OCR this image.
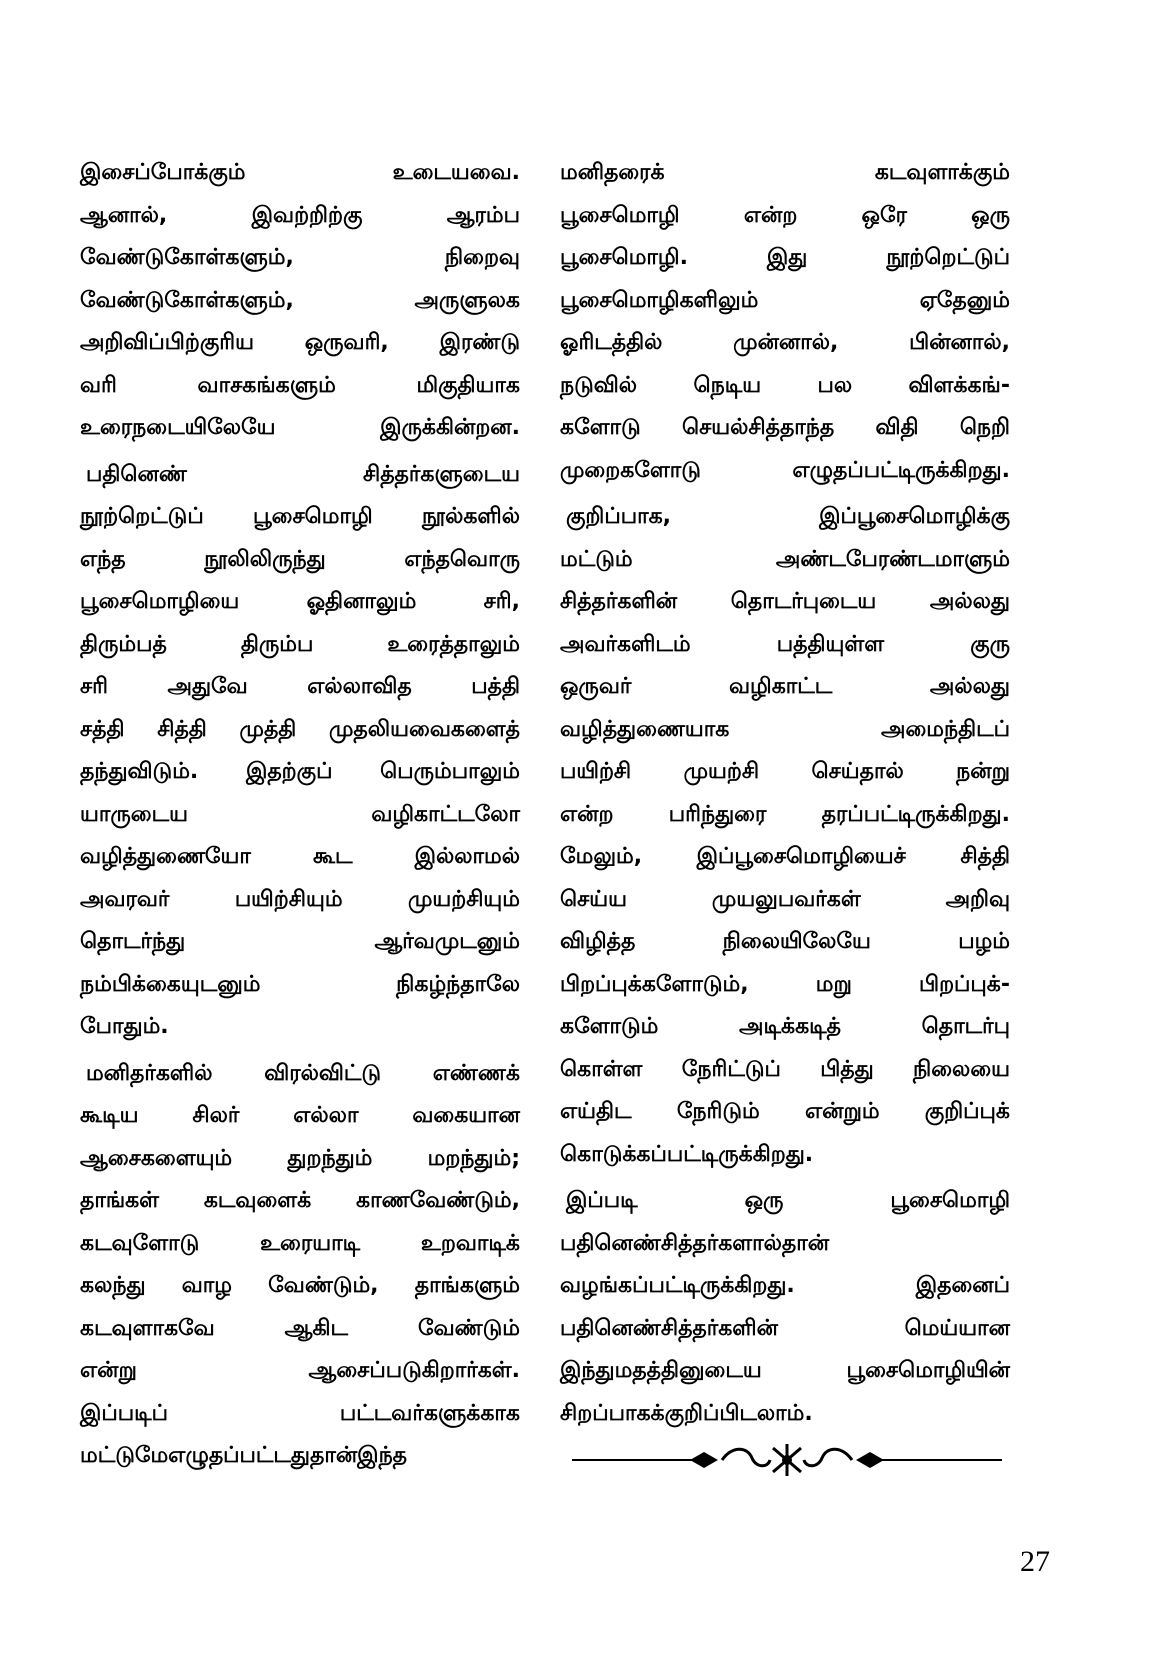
இசைப்போக்கும்	உடையவை.
ஆனால்,	இவற்றிற்கு	ஆரம்ப
வேண்டுகோள்களும்,	நிறைவு
வேண்டுகோள்களும்,	அருளுலக
அறிவிப்பிற்குரிய ஒருவரி, இரண்டு
வரி	வாசகங்களும்	மிகுதியாக
உரைநடையிலேயே	இருக்கின்றன.
பதினெண்	சித்தர்களுடைய
நூற்றெட்டுப் பூசைமொழி நூல்களில்
எந்த	நூலிலிருந்து	எந்தவொரு
பூசைமொழியை	ஓதினாலும்	சரி,
திரும்பத்	திரும்ப	உரைத்தாலும்
சரி	அதுவே	எல்லாவித	பத்தி
சத்தி சித்தி முத்தி முதலியவைகளைத்
தந்துவிடும். இதற்குப் பெரும்பாலும்
யாருடைய	வழிகாட்டலோ
வழித்துணையோ	கூட	இல்லாமல்
அவரவர்	பயிற்சியும்	முயற்சியும்
தொடர்ந்து	ஆர்வமுடனும்
நம்பிக்கையுடனும்	நிகழ்ந்தாலே
போதும்.
மனிதர்களில் விரல்விட்டு எண்ணக்
கூடிய சிலர் எல்லா வகையான
ஆசைகளையும்	துறந்தும்	மறந்தும்;
தாங்கள் கடவுளைக் காணவேண்டும்,
கடவுளோடு	உரையாடி	உறவாடிக்
கலந்து வாழ வேண்டும், தாங்களும்
கடவுளாகவே	ஆகிட	வேண்டும்
என்று	ஆசைப்படுகிறார்கள்.
இப்படிப்	பட்டவர்களுக்காக
மட்டுமே எழுதப்பட்டதுதான் இந்த
மனிதரைக்	கடவுளாக்கும்
பூசைமொழி	என்ற	ஒரே	ஒரு
பூசைமொழி.	இது	நூற்றெட்டுப்
பூசைமொழிகளிலும்	ஏதேனும்
ஓரிடத்தில்	முன்னால்,	பின்னால்,
நடுவில்	நெடிய	பல	விளக்கங்-
களோடு செயல்சித்தாந்த விதி நெறி
முறைகளோடு	எழுதப்பட்டிருக்கிறது.
குறிப்பாக,	இப்பூசைமொழிக்கு
மட்டும்	அண்டபேரண்டமாளும்
சித்தர்களின் தொடர்புடைய அல்லது
அவர்களிடம்	பத்தியுள்ள	குரு
ஒருவர்	வழிகாட்ட	அல்லது
வழித்துணையாக	அமைந்திடப்
பயிற்சி முயற்சி செய்தால் நன்று
என்ற	பரிந்துரை	தரப்பட்டிருக்கிறது.
மேலும், இப்பூசைமொழியைச் சித்தி
செய்ய	முயலுபவர்கள்	அறிவு
விழித்த	நிலையிலேயே	பழம்
பிறப்புக்களோடும்,	மறு	பிறப்புக்-
களோடும்	அடிக்கடித்	தொடர்பு
கொள்ள நேரிட்டுப் பித்து நிலையை
எய்திட நேரிடும் என்றும் குறிப்புக்
கொடுக்கப்பட்டிருக்கிறது.
இப்படி	ஒரு	பூசைமொழி
பதினெண்சித்தர்களால்தான்
வழங்கப்பட்டிருக்கிறது.	இதனைப்
பதினெண்சித்தர்களின்	மெய்யான
இந்துமதத்தினுடைய	பூசைமொழியின்
சிறப்பாகக் குறிப்பிடலாம்.
27
